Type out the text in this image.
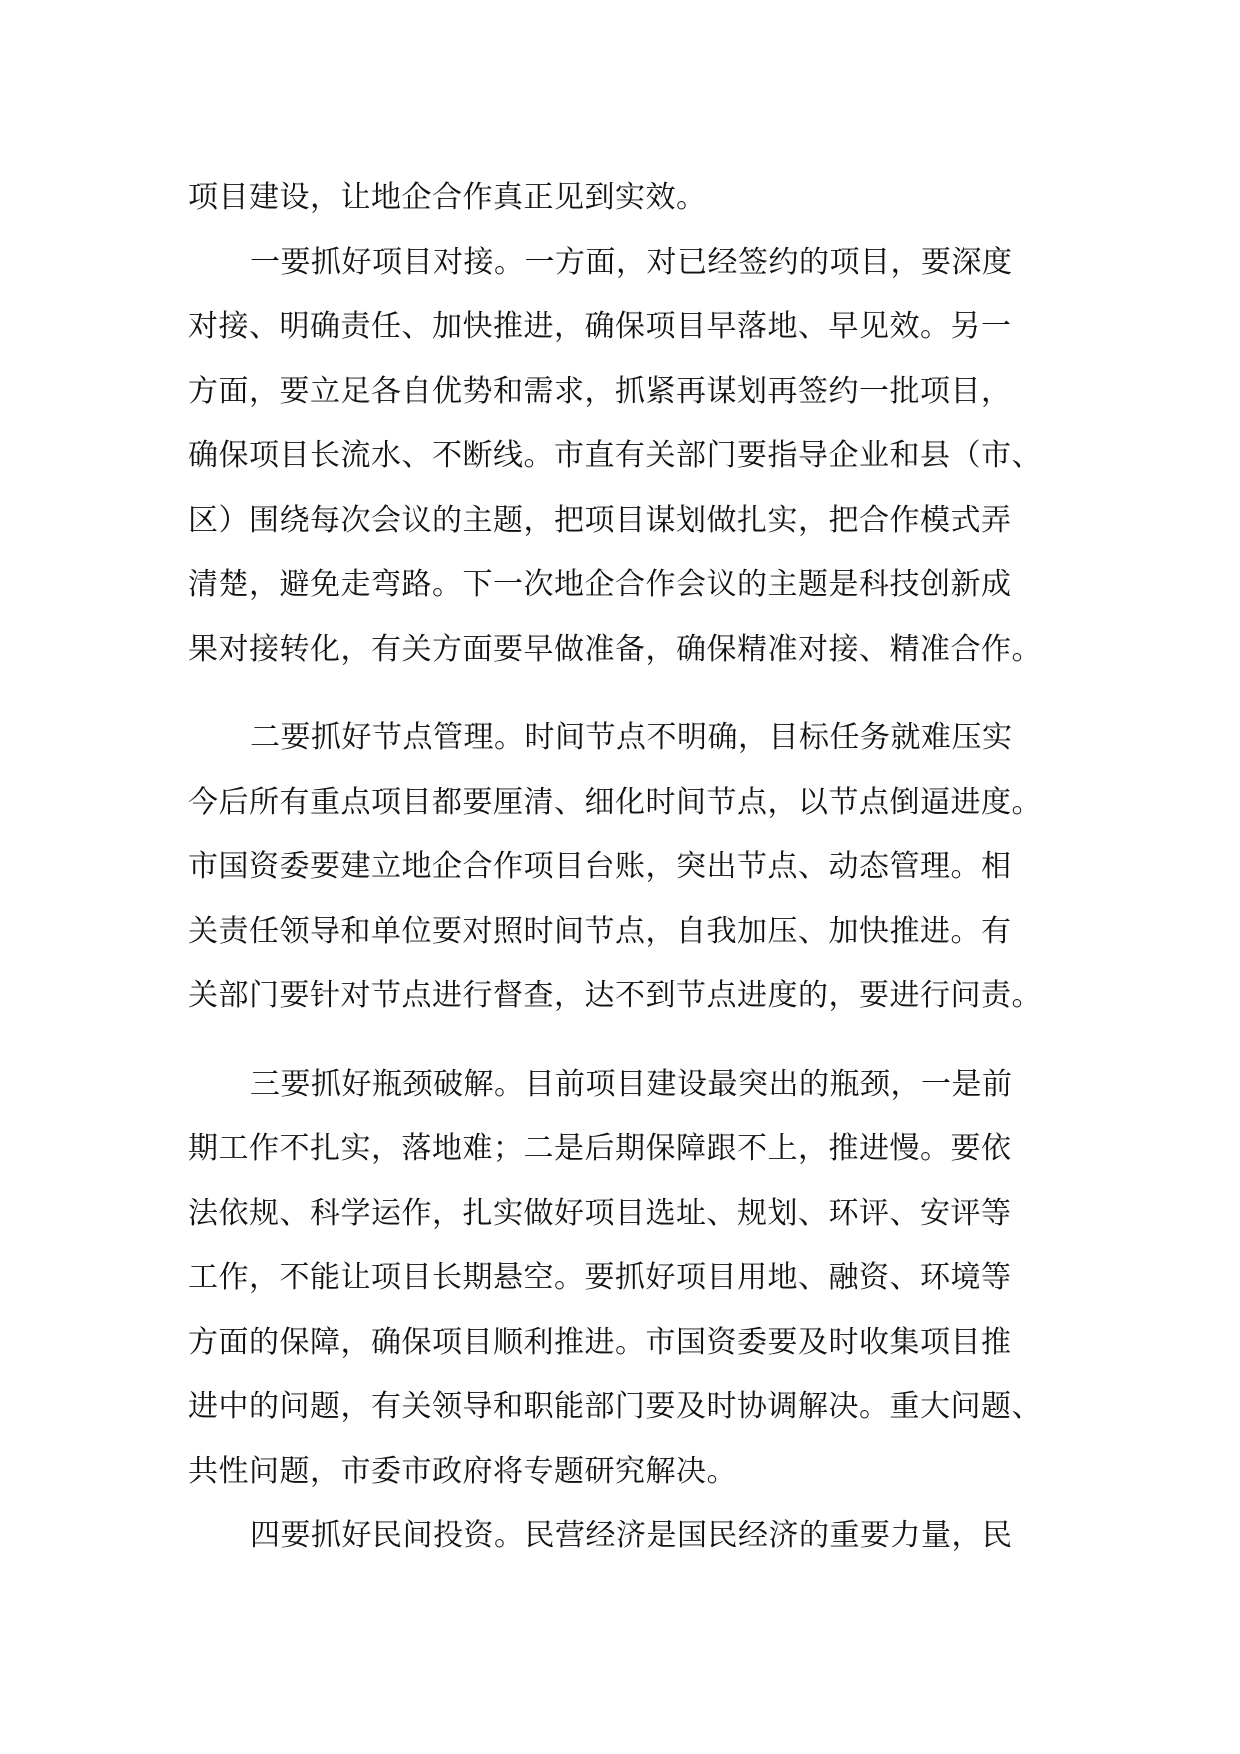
项目建设，让地企合作真正见到实效。
一要抓好项目对接。一方面，对已经签约的项目，要深度
对接、明确责任、加快推进，确保项目早落地、早见效。另一
方面，要立足各自优势和需求，抓紧再谋划再签约一批项目，
确保项目长流水、不断线。市直有关部门要指导企业和县（市、
区）围绕每次会议的主题，把项目谋划做扎实，把合作模式弄
清楚，避免走弯路。下一次地企合作会议的主题是科技创新成
果对接转化，有关方面要早做准备，确保精准对接、精准合作。
二要抓好节点管理。时间节点不明确，目标任务就难压实
今后所有重点项目都要厘清、细化时间节点，以节点倒逼进度。
市国资委要建立地企合作项目台账，突出节点、动态管理。相
关责任领导和单位要对照时间节点，自我加压、加快推进。有
关部门要针对节点进行督查，达不到节点进度的，要进行问责。
三要抓好瓶颈破解。目前项目建设最突出的瓶颈，一是前
期工作不扎实，落地难；二是后期保障跟不上，推进慢。要依
法依规、科学运作，扎实做好项目选址、规划、环评、安评等
工作，不能让项目长期悬空。要抓好项目用地、融资、环境等
方面的保障，确保项目顺利推进。市国资委要及时收集项目推
进中的问题，有关领导和职能部门要及时协调解决。重大问题、
共性问题，市委市政府将专题研究解决。
四要抓好民间投资。民营经济是国民经济的重要力量，民
